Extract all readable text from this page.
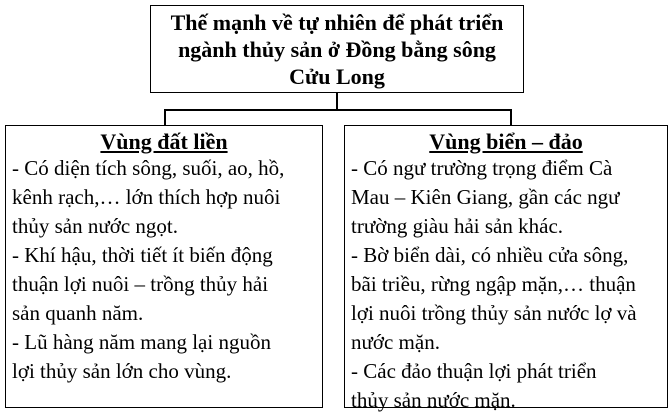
Thế mạnh về tự nhiên để phát triển
ngành thủy sản ở Đồng bằng sông
Cửu Long
Vùng đất liền
- Có diện tích sông, suối, ao, hồ,
kênh rạch,… lớn thích hợp nuôi
thủy sản nước ngọt.
- Khí hậu, thời tiết ít biến động
thuận lợi nuôi – trồng thủy hải
sản quanh năm.
- Lũ hàng năm mang lại nguồn
lợi thủy sản lớn cho vùng.
Vùng biển – đảo
- Có ngư trường trọng điểm Cà
Mau – Kiên Giang, gần các ngư
trường giàu hải sản khác.
- Bờ biển dài, có nhiều cửa sông,
bãi triều, rừng ngập mặn,… thuận
lợi nuôi trồng thủy sản nước lợ và
nước mặn.
- Các đảo thuận lợi phát triển
thủy sản nước mặn.
